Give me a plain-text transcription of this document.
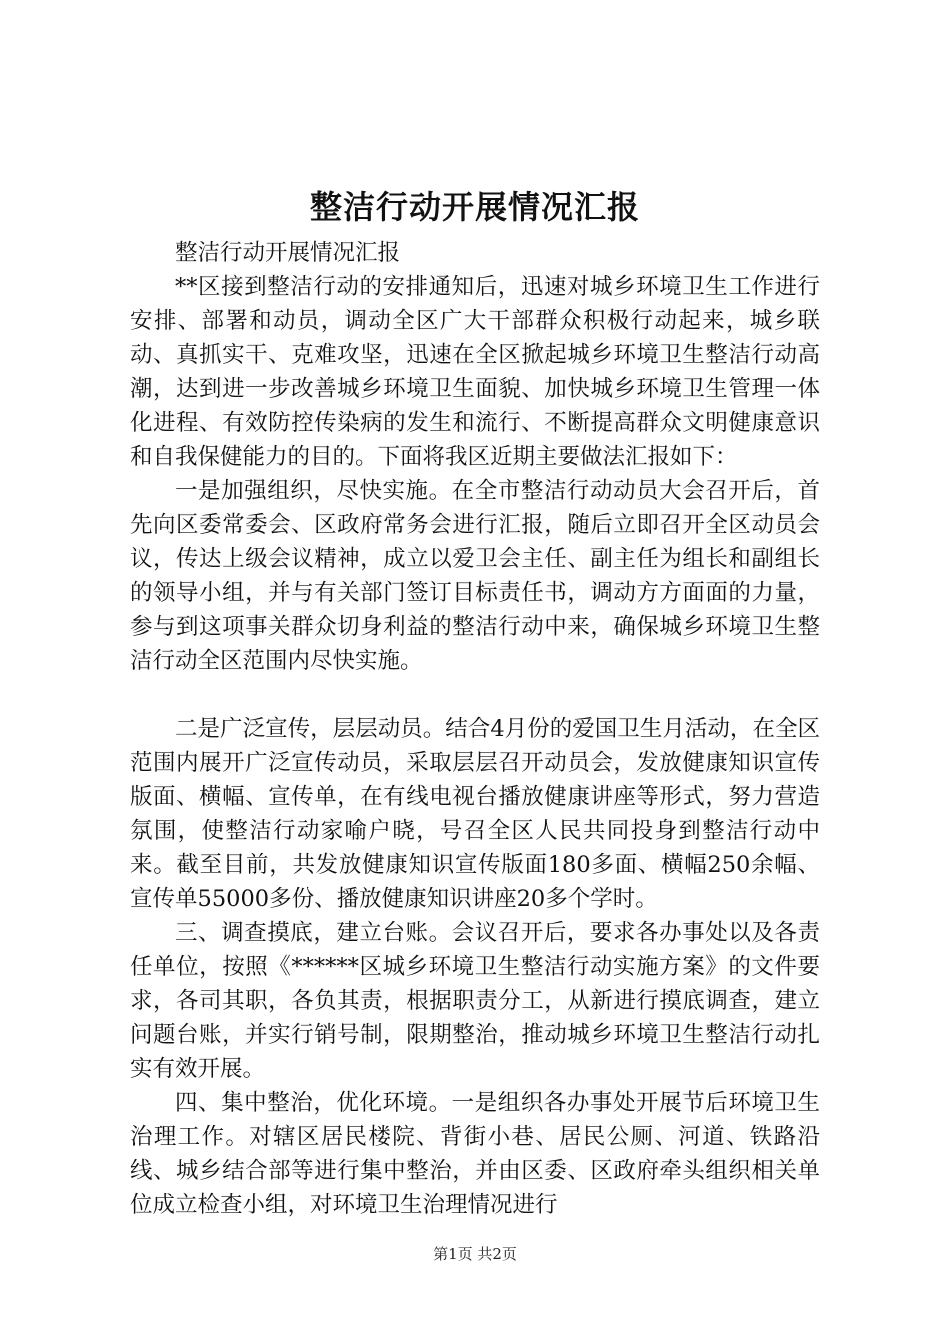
整洁行动开展情况汇报

整洁行动开展情况汇报

**区接到整洁行动的安排通知后，迅速对城乡环境卫生工作进行安排、部署和动员，调动全区广大干部群众积极行动起来，城乡联动、真抓实干、克难攻坚，迅速在全区掀起城乡环境卫生整洁行动高潮，达到进一步改善城乡环境卫生面貌、加快城乡环境卫生管理一体化进程、有效防控传染病的发生和流行、不断提高群众文明健康意识和自我保健能力的目的。下面将我区近期主要做法汇报如下：

一是加强组织，尽快实施。在全市整洁行动动员大会召开后，首先向区委常委会、区政府常务会进行汇报，随后立即召开全区动员会议，传达上级会议精神，成立以爱卫会主任、副主任为组长和副组长的领导小组，并与有关部门签订目标责任书，调动方方面面的力量，参与到这项事关群众切身利益的整洁行动中来，确保城乡环境卫生整洁行动全区范围内尽快实施。

二是广泛宣传，层层动员。结合4月份的爱国卫生月活动，在全区范围内展开广泛宣传动员，采取层层召开动员会，发放健康知识宣传版面、横幅、宣传单，在有线电视台播放健康讲座等形式，努力营造氛围，使整洁行动家喻户晓，号召全区人民共同投身到整洁行动中来。截至目前，共发放健康知识宣传版面180多面、横幅250余幅、宣传单55000多份、播放健康知识讲座20多个学时。

三、调查摸底，建立台账。会议召开后，要求各办事处以及各责任单位，按照《******区城乡环境卫生整洁行动实施方案》的文件要求，各司其职，各负其责，根据职责分工，从新进行摸底调查，建立问题台账，并实行销号制，限期整治，推动城乡环境卫生整洁行动扎实有效开展。

四、集中整治，优化环境。一是组织各办事处开展节后环境卫生治理工作。对辖区居民楼院、背街小巷、居民公厕、河道、铁路沿线、城乡结合部等进行集中整治，并由区委、区政府牵头组织相关单位成立检查小组，对环境卫生治理情况进行

第1页 共2页
